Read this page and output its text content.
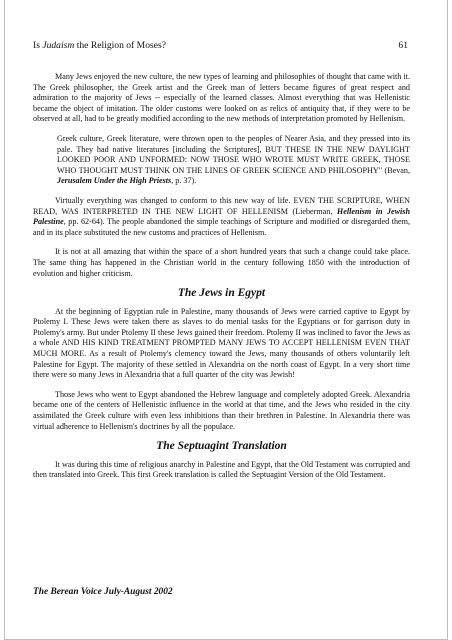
Is Judaism the Religion of Moses?	61

Many Jews enjoyed the new culture, the new types of learning and philosophies of thought that came with it. The Greek philosopher, the Greek artist and the Greek man of letters became figures of great respect and admiration to the majority of Jews -- especially of the learned classes. Almost everything that was Hellenistic became the object of imitation. The older customs were looked on as relics of antiquity that, if they were to be observed at all, had to be greatly modified according to the new methods of interpretation promoted by Hellenism.

Greek culture, Greek literature, were thrown open to the peoples of Nearer Asia, and they pressed into its pale. They had native literatures [including the Scriptures], BUT THESE IN THE NEW DAYLIGHT LOOKED POOR AND UNFORMED: NOW THOSE WHO WROTE MUST WRITE GREEK, THOSE WHO THOUGHT MUST THINK ON THE LINES OF GREEK SCIENCE AND PHILOSOPHY" (Bevan, Jerusalem Under the High Priests, p. 37).

Virtually everything was changed to conform to this new way of life. EVEN THE SCRIPTURE, WHEN READ, WAS INTERPRETED IN THE NEW LIGHT OF HELLENISM (Lieberman, Hellenism in Jewish Palestine, pp. 62-64). The people abandoned the simple teachings of Scripture and modified or disregarded them, and in its place substituted the new customs and practices of Hellenism.

It is not at all amazing that within the space of a short hundred years that such a change could take place. The same thing has happened in the Christian world in the century following 1850 with the introduction of evolution and higher criticism.

The Jews in Egypt

At the beginning of Egyptian rule in Palestine, many thousands of Jews were carried captive to Egypt by Ptolemy I. These Jews were taken there as slaves to do menial tasks for the Egyptians or for garrison duty in Ptolemy's army. But under Ptolemy II these Jews gained their freedom. Ptolemy II was inclined to favor the Jews as a whole AND HIS KIND TREATMENT PROMPTED MANY JEWS TO ACCEPT HELLENISM EVEN THAT MUCH MORE. As a result of Ptolemy's clemency toward the Jews, many thousands of others voluntarily left Palestine for Egypt. The majority of these settled in Alexandria on the north coast of Egypt. In a very short time there were so many Jews in Alexandria that a full quarter of the city was Jewish!

Those Jews who went to Egypt abandoned the Hebrew language and completely adopted Greek. Alexandria became one of the centers of Hellenistic influence in the world at that time, and the Jews who resided in the city assimilated the Greek culture with even less inhibitions than their brethren in Palestine. In Alexandria there was virtual adherence to Hellenism's doctrines by all the populace.

The Septuagint Translation

It was during this time of religious anarchy in Palestine and Egypt, that the Old Testament was corrupted and then translated into Greek. This first Greek translation is called the Septuagint Version of the Old Testament.

The Berean Voice July-August 2002
